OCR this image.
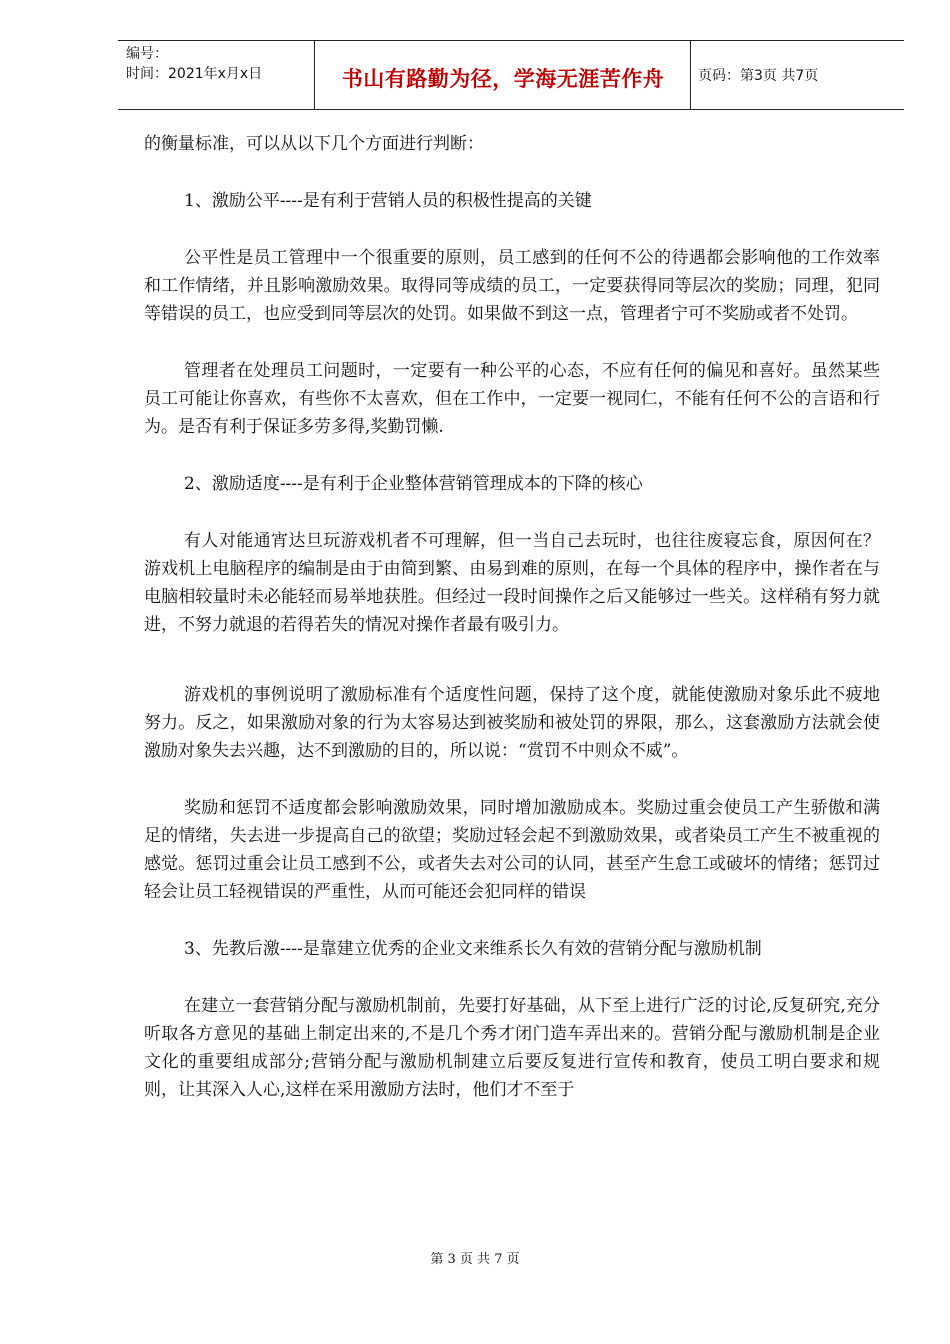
编号：
时间：2021年x月x日	书山有路勤为径，学海无涯苦作舟	页码：第3页 共7页

的衡量标准，可以从以下几个方面进行判断：

1、激励公平----是有利于营销人员的积极性提高的关键

公平性是员工管理中一个很重要的原则，员工感到的任何不公的待遇都会影响他的工作效率和工作情绪，并且影响激励效果。取得同等成绩的员工，一定要获得同等层次的奖励；同理，犯同等错误的员工，也应受到同等层次的处罚。如果做不到这一点，管理者宁可不奖励或者不处罚。

管理者在处理员工问题时，一定要有一种公平的心态，不应有任何的偏见和喜好。虽然某些员工可能让你喜欢，有些你不太喜欢，但在工作中，一定要一视同仁，不能有任何不公的言语和行为。是否有利于保证多劳多得,奖勤罚懒.

2、激励适度----是有利于企业整体营销管理成本的下降的核心

有人对能通宵达旦玩游戏机者不可理解，但一当自己去玩时，也往往废寝忘食，原因何在？游戏机上电脑程序的编制是由于由简到繁、由易到难的原则，在每一个具体的程序中，操作者在与电脑相较量时未必能轻而易举地获胜。但经过一段时间操作之后又能够过一些关。这样稍有努力就进，不努力就退的若得若失的情况对操作者最有吸引力。

游戏机的事例说明了激励标准有个适度性问题，保持了这个度，就能使激励对象乐此不疲地努力。反之，如果激励对象的行为太容易达到被奖励和被处罚的界限，那么，这套激励方法就会使激励对象失去兴趣，达不到激励的目的，所以说：“赏罚不中则众不威”。

奖励和惩罚不适度都会影响激励效果，同时增加激励成本。奖励过重会使员工产生骄傲和满足的情绪，失去进一步提高自己的欲望；奖励过轻会起不到激励效果，或者染员工产生不被重视的感觉。惩罚过重会让员工感到不公，或者失去对公司的认同，甚至产生怠工或破坏的情绪；惩罚过轻会让员工轻视错误的严重性，从而可能还会犯同样的错误

3、先教后激----是靠建立优秀的企业文来维系长久有效的营销分配与激励机制

在建立一套营销分配与激励机制前，先要打好基础，从下至上进行广泛的讨论,反复研究,充分听取各方意见的基础上制定出来的,不是几个秀才闭门造车弄出来的。营销分配与激励机制是企业文化的重要组成部分;营销分配与激励机制建立后要反复进行宣传和教育，使员工明白要求和规则，让其深入人心,这样在采用激励方法时，他们才不至于

第 3 页 共 7 页
